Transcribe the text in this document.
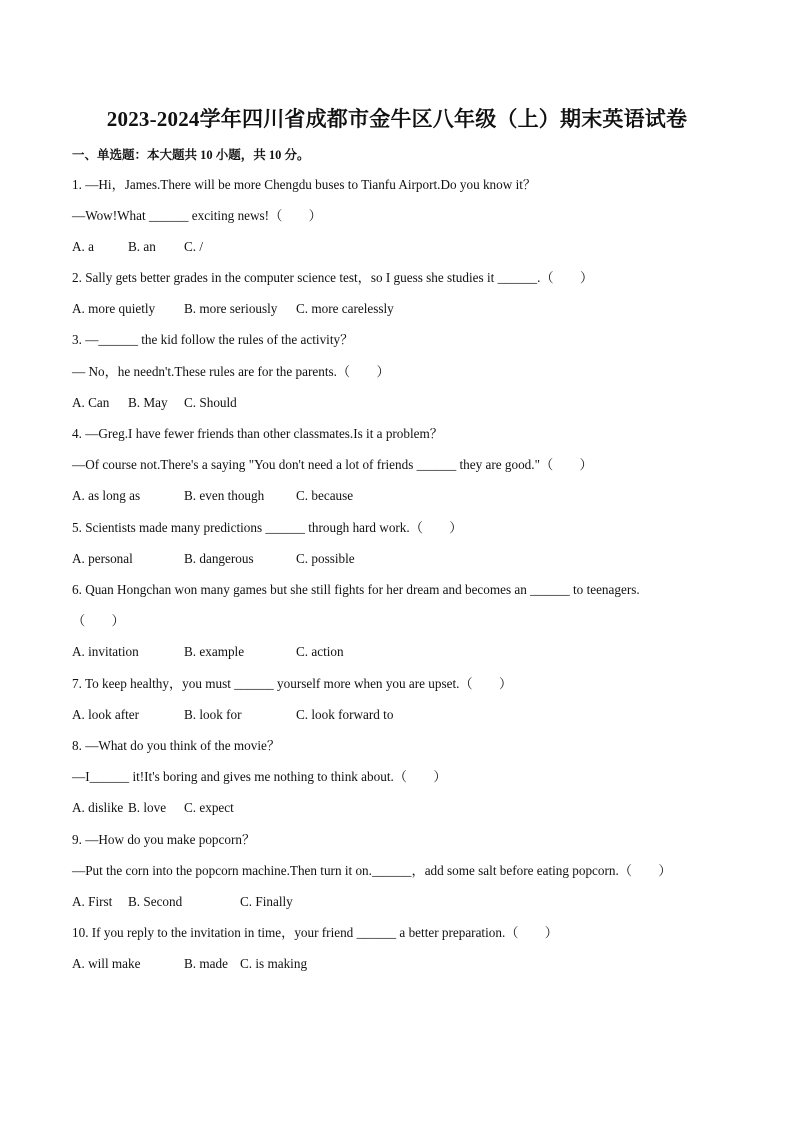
2023-2024学年四川省成都市金牛区八年级（上）期末英语试卷
一、单选题：本大题共 10 小题，共 10 分。
1. —Hi，James.There will be more Chengdu buses to Tianfu Airport.Do you know it？
—Wow!What ______ exciting news!（　　）
A. a	B. an C. /
2. Sally gets better grades in the computer science test，so I guess she studies it ______.（　　）
A. more quietly B. more seriously C. more carelessly
3. —______ the kid follow the rules of the activity？
— No，he needn't.These rules are for the parents.（　　）
A. Can B. May C. Should
4. —Greg.I have fewer friends than other classmates.Is it a problem？
—Of course not.There's a saying "You don't need a lot of friends ______ they are good."（　　）
A. as long as	B. even though C. because
5. Scientists made many predictions ______ through hard work.（　　）
A. personal	B. dangerous	C. possible
6. Quan Hongchan won many games but she still fights for her dream and becomes an ______ to teenagers.
（　　）
A. invitation	B. example	C. action
7. To keep healthy，you must ______ yourself more when you are upset.（　　）
A. look after	B. look for	C. look forward to
8. —What do you think of the movie？
—I______ it!It's boring and gives me nothing to think about.（　　）
A. dislike B. love C. expect
9. —How do you make popcorn？
—Put the corn into the popcorn machine.Then turn it on.______，add some salt before eating popcorn.（　　）
A. First B. Second	C. Finally
10. If you reply to the invitation in time，your friend ______ a better preparation.（　　）
A. will make	B. made C. is making
